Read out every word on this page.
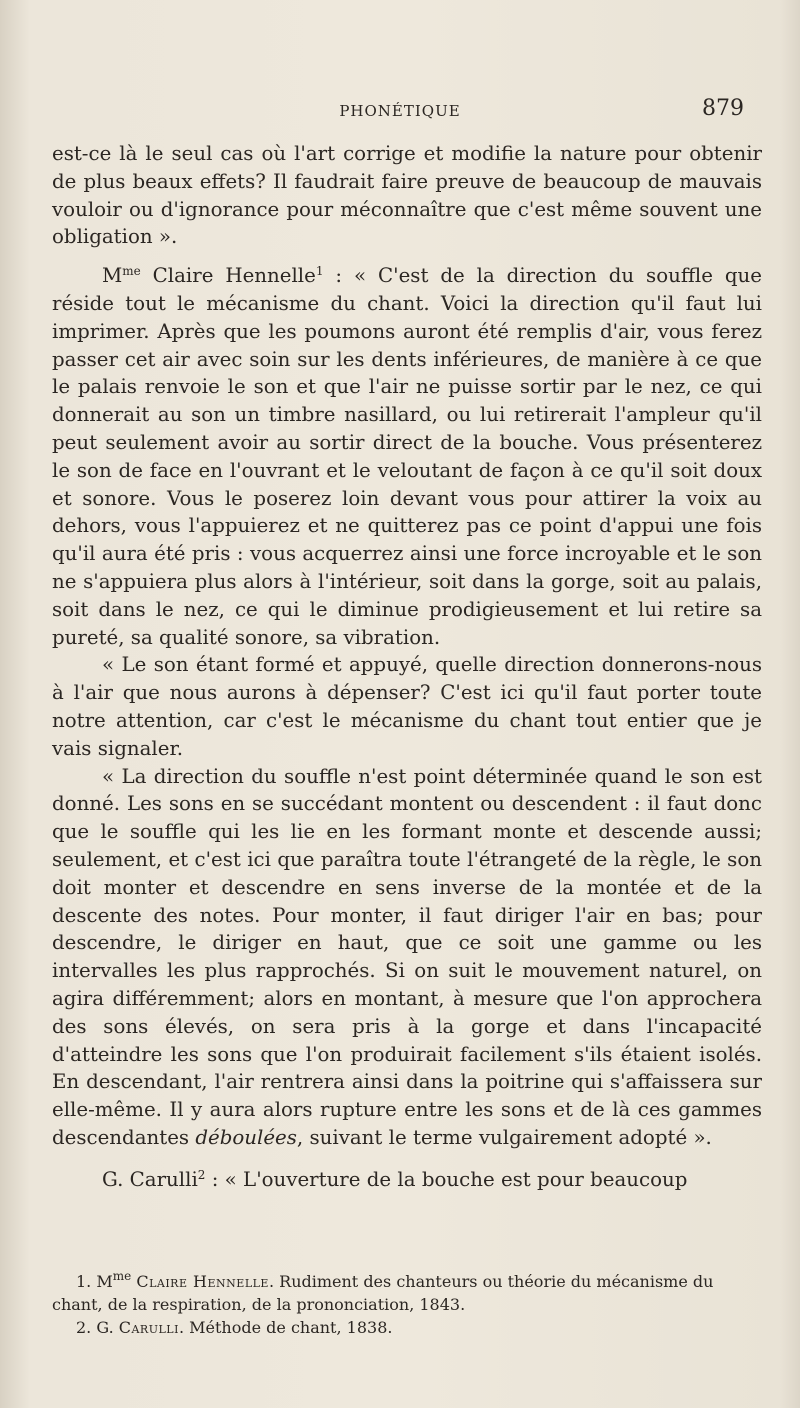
PHONÉTIQUE	879

est-ce là le seul cas où l'art corrige et modifie la nature pour obtenir de plus beaux effets? Il faudrait faire preuve de beaucoup de mauvais vouloir ou d'ignorance pour méconnaître que c'est même souvent une obligation ».

$M^{me}$ Claire Hennelle$^1$ : « C'est de la direction du souffle que réside tout le mécanisme du chant. Voici la direction qu'il faut lui imprimer. Après que les poumons auront été remplis d'air, vous ferez passer cet air avec soin sur les dents inférieures, de manière à ce que le palais renvoie le son et que l'air ne puisse sortir par le nez, ce qui donnerait au son un timbre nasillard, ou lui retirerait l'ampleur qu'il peut seulement avoir au sortir direct de la bouche. Vous présenterez le son de face en l'ouvrant et le veloutant de façon à ce qu'il soit doux et sonore. Vous le poserez loin devant vous pour attirer la voix au dehors, vous l'appuierez et ne quitterez pas ce point d'appui une fois qu'il aura été pris : vous acquerrez ainsi une force incroyable et le son ne s'appuiera plus alors à l'intérieur, soit dans la gorge, soit au palais, soit dans le nez, ce qui le diminue prodigieusement et lui retire sa pureté, sa qualité sonore, sa vibration.

« Le son étant formé et appuyé, quelle direction donnerons-nous à l'air que nous aurons à dépenser? C'est ici qu'il faut porter toute notre attention, car c'est le mécanisme du chant tout entier que je vais signaler.

« La direction du souffle n'est point déterminée quand le son est donné. Les sons en se succédant montent ou descendent : il faut donc que le souffle qui les lie en les formant monte et descende aussi; seulement, et c'est ici que paraîtra toute l'étrangeté de la règle, le son doit monter et descendre en sens inverse de la montée et de la descente des notes. Pour monter, il faut diriger l'air en bas; pour descendre, le diriger en haut, que ce soit une gamme ou les intervalles les plus rapprochés. Si on suit le mouvement naturel, on agira différemment; alors en montant, à mesure que l'on approchera des sons élevés, on sera pris à la gorge et dans l'incapacité d'atteindre les sons que l'on produirait facilement s'ils étaient isolés. En descendant, l'air rentrera ainsi dans la poitrine qui s'affaissera sur elle-même. Il y aura alors rupture entre les sons et de là ces gammes descendantes déboulées, suivant le terme vulgairement adopté ».

G. Carulli$^2$ : « L'ouverture de la bouche est pour beaucoup

1. $M^{me}$ Claire Hennelle. Rudiment des chanteurs ou théorie du mécanisme du chant, de la respiration, de la prononciation, 1843.

2. G. Carulli. Méthode de chant, 1838.
